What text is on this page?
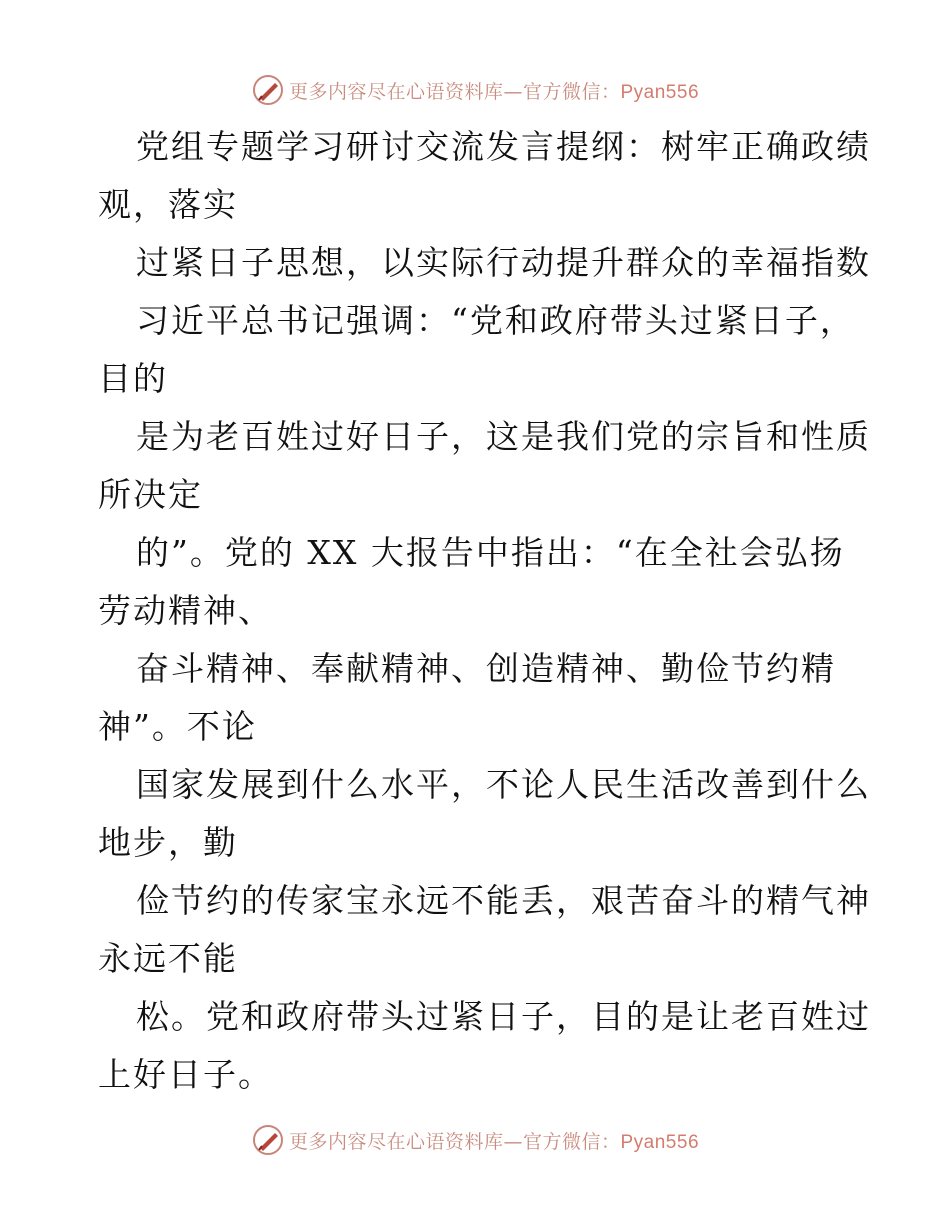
更多内容尽在心语资料库—官方微信：Pyan556
党组专题学习研讨交流发言提纲：树牢正确政绩
观，落实
过紧日子思想，以实际行动提升群众的幸福指数
习近平总书记强调：“党和政府带头过紧日子，
目的
是为老百姓过好日子，这是我们党的宗旨和性质
所决定
的”。党的 XX 大报告中指出：“在全社会弘扬
劳动精神、
奋斗精神、奉献精神、创造精神、勤俭节约精
神”。不论
国家发展到什么水平，不论人民生活改善到什么
地步，勤
俭节约的传家宝永远不能丢，艰苦奋斗的精气神
永远不能
松。党和政府带头过紧日子，目的是让老百姓过
上好日子。
更多内容尽在心语资料库—官方微信：Pyan556
